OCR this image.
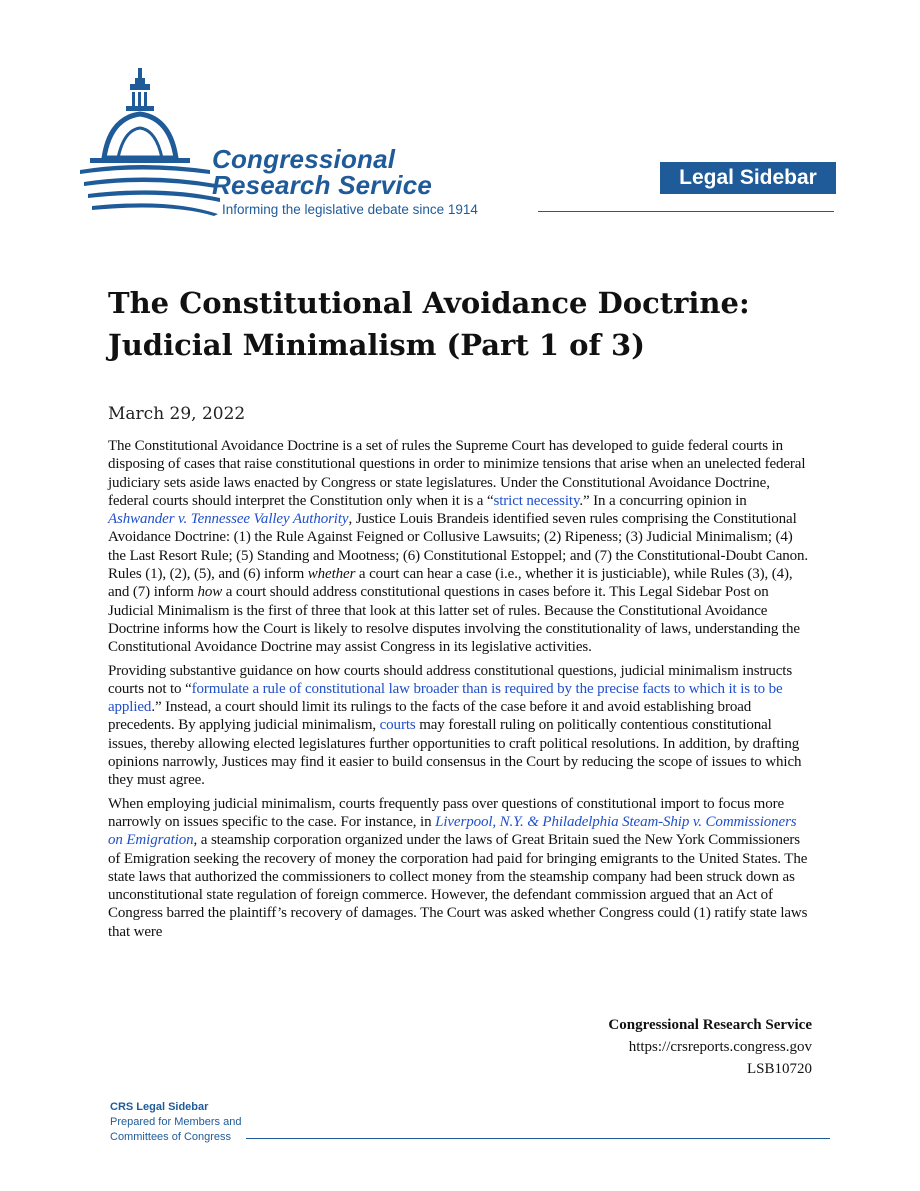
Congressional
Research Service
Informing the legislative debate since 1914
Legal Sidebar
The Constitutional Avoidance Doctrine:
Judicial Minimalism (Part 1 of 3)
March 29, 2022

The Constitutional Avoidance Doctrine is a set of rules the Supreme Court has developed to guide federal courts in disposing of cases that raise constitutional questions in order to minimize tensions that arise when an unelected federal judiciary sets aside laws enacted by Congress or state legislatures. Under the Constitutional Avoidance Doctrine, federal courts should interpret the Constitution only when it is a “strict necessity.” In a concurring opinion in Ashwander v. Tennessee Valley Authority, Justice Louis Brandeis identified seven rules comprising the Constitutional Avoidance Doctrine: (1) the Rule Against Feigned or Collusive Lawsuits; (2) Ripeness; (3) Judicial Minimalism; (4) the Last Resort Rule; (5) Standing and Mootness; (6) Constitutional Estoppel; and (7) the Constitutional-Doubt Canon. Rules (1), (2), (5), and (6) inform whether a court can hear a case (i.e., whether it is justiciable), while Rules (3), (4), and (7) inform how a court should address constitutional questions in cases before it. This Legal Sidebar Post on Judicial Minimalism is the first of three that look at this latter set of rules. Because the Constitutional Avoidance Doctrine informs how the Court is likely to resolve disputes involving the constitutionality of laws, understanding the Constitutional Avoidance Doctrine may assist Congress in its legislative activities.

Providing substantive guidance on how courts should address constitutional questions, judicial minimalism instructs courts not to “formulate a rule of constitutional law broader than is required by the precise facts to which it is to be applied.” Instead, a court should limit its rulings to the facts of the case before it and avoid establishing broad precedents. By applying judicial minimalism, courts may forestall ruling on politically contentious constitutional issues, thereby allowing elected legislatures further opportunities to craft political resolutions. In addition, by drafting opinions narrowly, Justices may find it easier to build consensus in the Court by reducing the scope of issues to which they must agree.

When employing judicial minimalism, courts frequently pass over questions of constitutional import to focus more narrowly on issues specific to the case. For instance, in Liverpool, N.Y. & Philadelphia Steam-Ship v. Commissioners on Emigration, a steamship corporation organized under the laws of Great Britain sued the New York Commissioners of Emigration seeking the recovery of money the corporation had paid for bringing emigrants to the United States. The state laws that authorized the commissioners to collect money from the steamship company had been struck down as unconstitutional state regulation of foreign commerce. However, the defendant commission argued that an Act of Congress barred the plaintiff’s recovery of damages. The Court was asked whether Congress could (1) ratify state laws that were

Congressional Research Service
https://crsreports.congress.gov
LSB10720
CRS Legal Sidebar
Prepared for Members and
Committees of Congress
